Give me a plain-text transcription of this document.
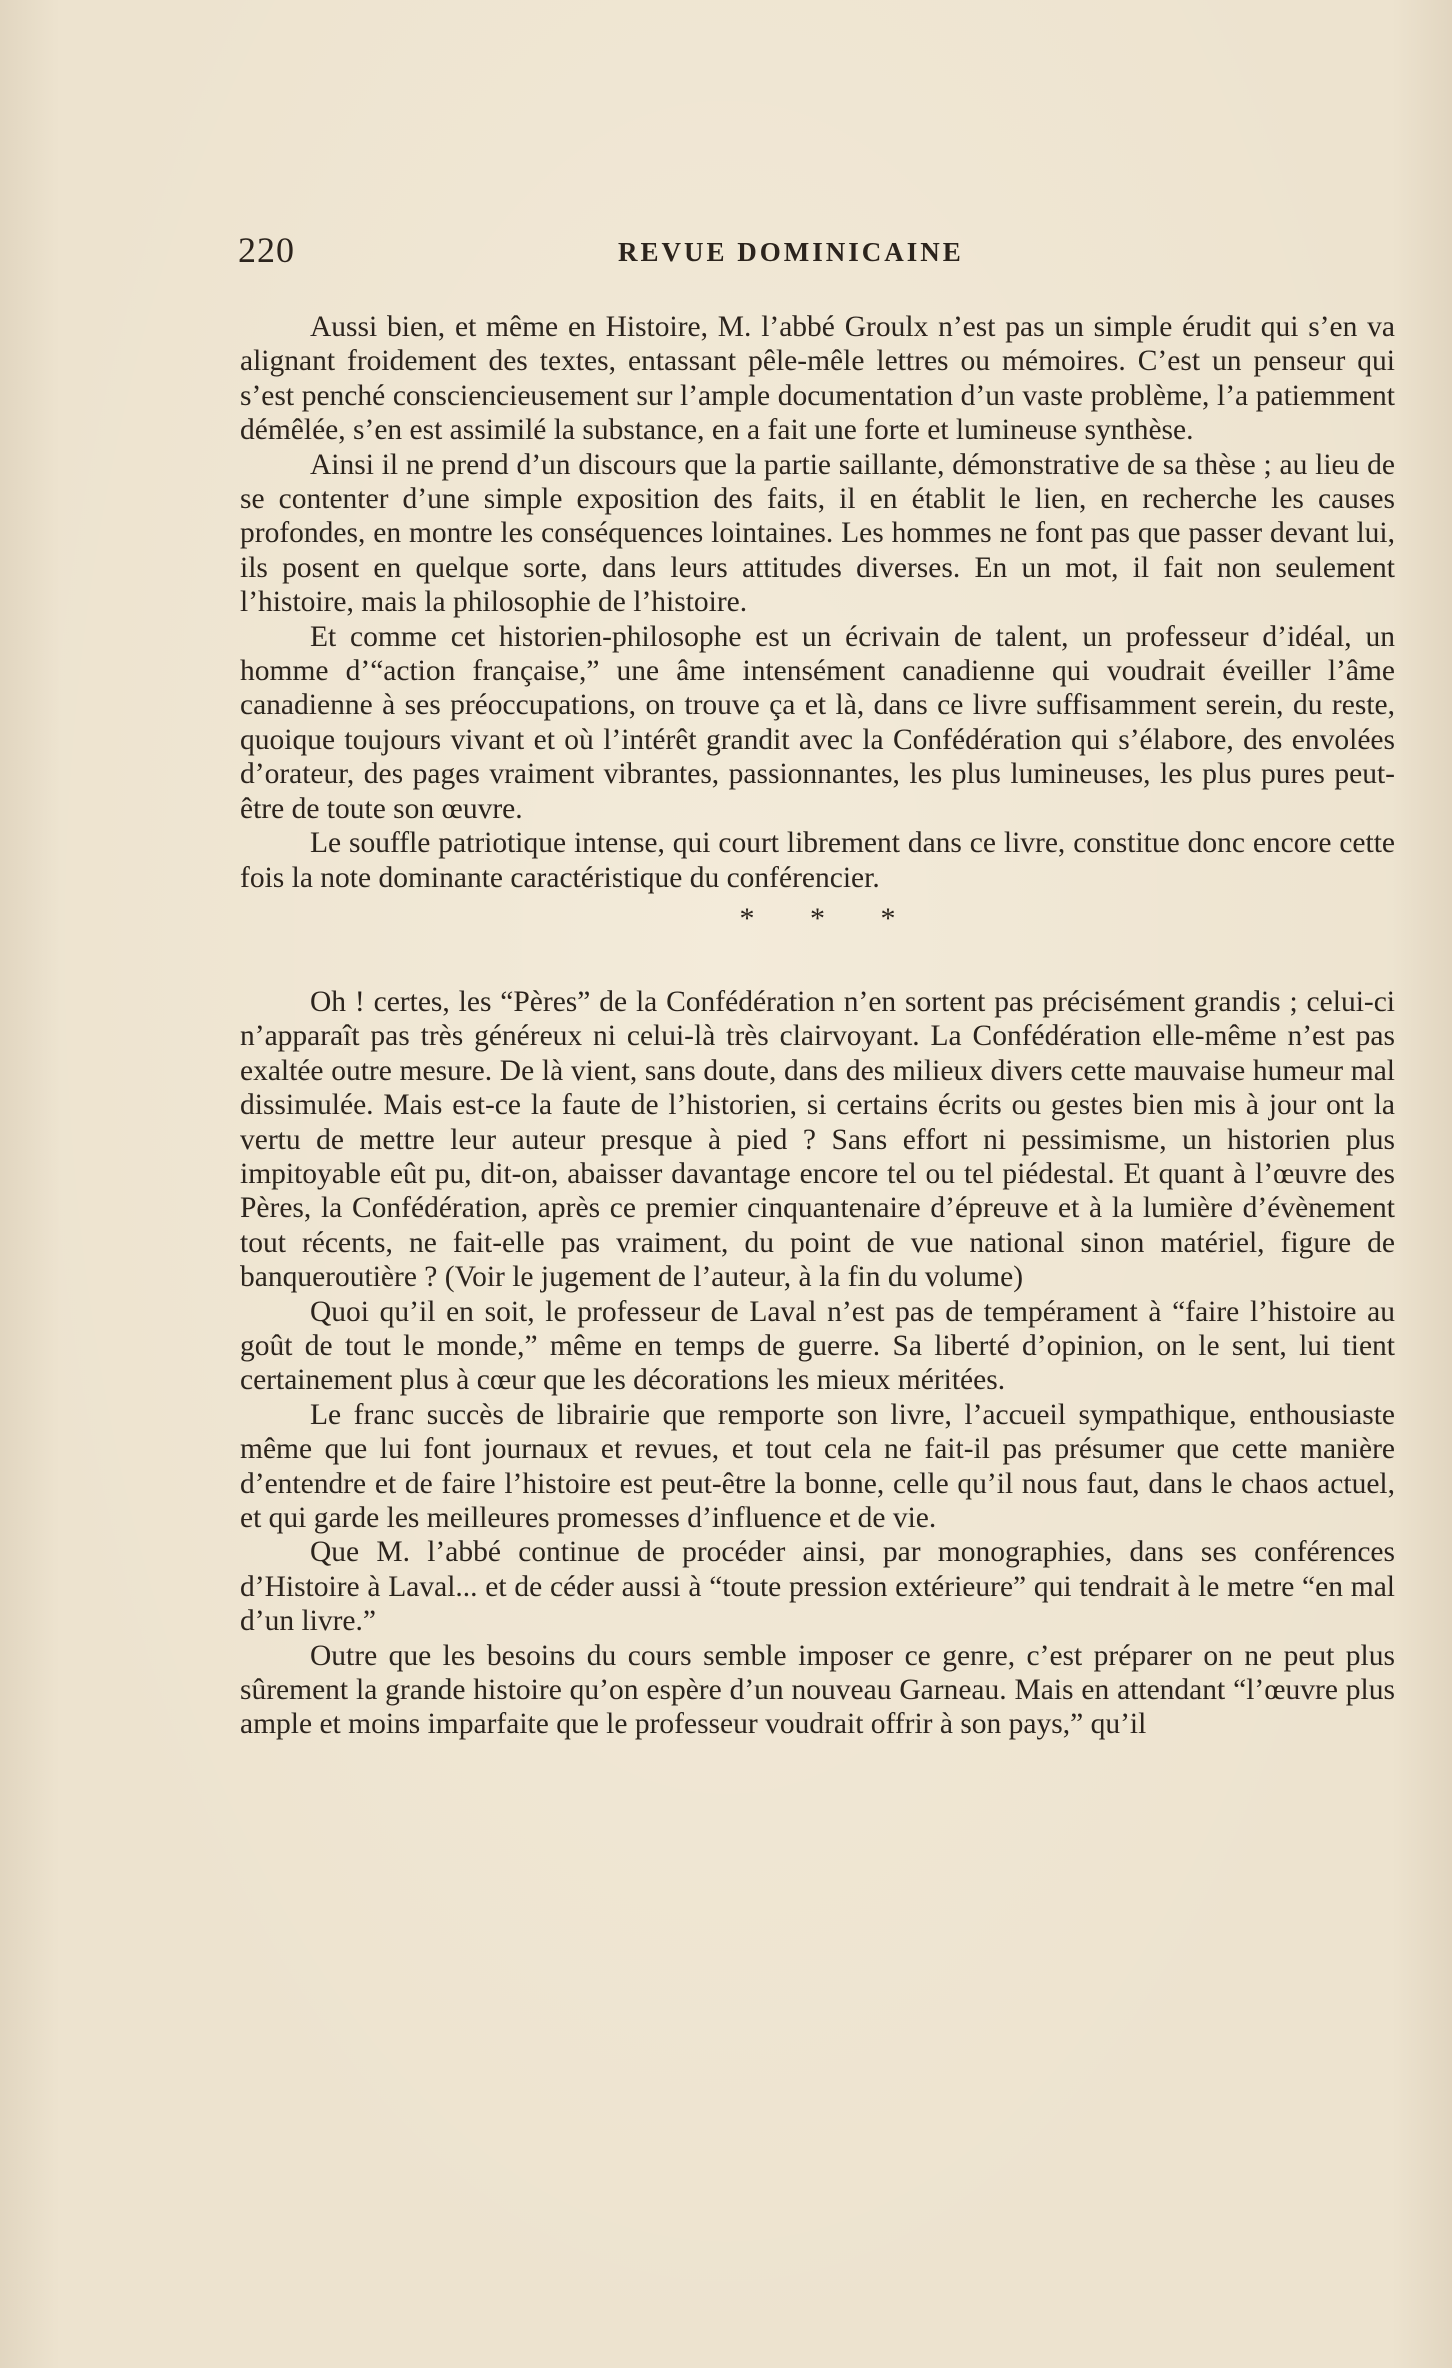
220	REVUE DOMINICAINE

Aussi bien, et même en Histoire, M. l’abbé Groulx n’est pas un simple érudit qui s’en va alignant froidement des textes, entassant pêle-mêle lettres ou mémoires. C’est un penseur qui s’est penché consciencieusement sur l’ample documentation d’un vaste problème, l’a patiemment démêlée, s’en est assimilé la substance, en a fait une forte et lumineuse synthèse.

Ainsi il ne prend d’un discours que la partie saillante, démonstrative de sa thèse ; au lieu de se contenter d’une simple exposition des faits, il en établit le lien, en recherche les causes profondes, en montre les conséquences lointaines. Les hommes ne font pas que passer devant lui, ils posent en quelque sorte, dans leurs attitudes diverses. En un mot, il fait non seulement l’histoire, mais la philosophie de l’histoire.

Et comme cet historien-philosophe est un écrivain de talent, un professeur d’idéal, un homme d’“action française,” une âme intensément canadienne qui voudrait éveiller l’âme canadienne à ses préoccupations, on trouve ça et là, dans ce livre suffisamment serein, du reste, quoique toujours vivant et où l’intérêt grandit avec la Confédération qui s’élabore, des envolées d’orateur, des pages vraiment vibrantes, passionnantes, les plus lumineuses, les plus pures peut-être de toute son œuvre.

Le souffle patriotique intense, qui court librement dans ce livre, constitue donc encore cette fois la note dominante caractéristique du conférencier.

* * *

Oh ! certes, les “Pères” de la Confédération n’en sortent pas précisément grandis ; celui-ci n’apparaît pas très généreux ni celui-là très clairvoyant. La Confédération elle-même n’est pas exaltée outre mesure. De là vient, sans doute, dans des milieux divers cette mauvaise humeur mal dissimulée. Mais est-ce la faute de l’historien, si certains écrits ou gestes bien mis à jour ont la vertu de mettre leur auteur presque à pied ? Sans effort ni pessimisme, un historien plus impitoyable eût pu, dit-on, abaisser davantage encore tel ou tel piédestal. Et quant à l’œuvre des Pères, la Confédération, après ce premier cinquantenaire d’épreuve et à la lumière d’évènement tout récents, ne fait-elle pas vraiment, du point de vue national sinon matériel, figure de banqueroutière ? (Voir le jugement de l’auteur, à la fin du volume)

Quoi qu’il en soit, le professeur de Laval n’est pas de tempérament à “faire l’histoire au goût de tout le monde,” même en temps de guerre. Sa liberté d’opinion, on le sent, lui tient certainement plus à cœur que les décorations les mieux méritées.

Le franc succès de librairie que remporte son livre, l’accueil sympathique, enthousiaste même que lui font journaux et revues, et tout cela ne fait-il pas présumer que cette manière d’entendre et de faire l’histoire est peut-être la bonne, celle qu’il nous faut, dans le chaos actuel, et qui garde les meilleures promesses d’influence et de vie.

Que M. l’abbé continue de procéder ainsi, par monographies, dans ses conférences d’Histoire à Laval... et de céder aussi à “toute pression extérieure” qui tendrait à le metre “en mal d’un livre.”

Outre que les besoins du cours semble imposer ce genre, c’est préparer on ne peut plus sûrement la grande histoire qu’on espère d’un nouveau Garneau. Mais en attendant “l’œuvre plus ample et moins imparfaite que le professeur voudrait offrir à son pays,” qu’il
